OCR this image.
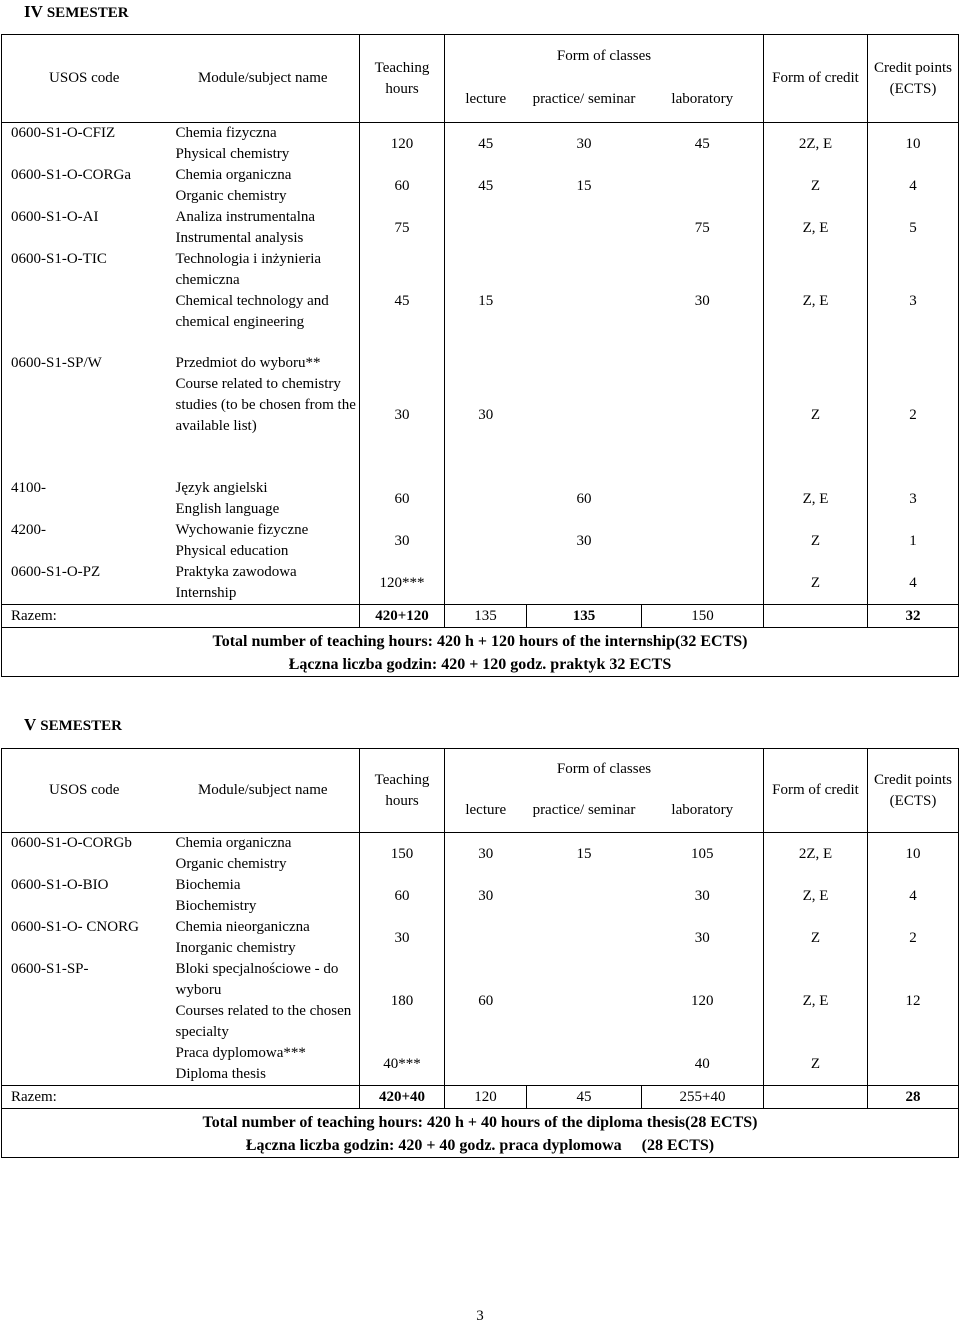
IV SEMESTER
USOS code	Module/subject name	Teaching hours	Form of classes			Form of credit	Credit points (ECTS)
			lecture	practice/ seminar	laboratory		
0600-S1-O-CFIZ	Chemia fizyczna
Physical chemistry	120	45	30	45	2Z, E	10
0600-S1-O-CORGa	Chemia organiczna
Organic chemistry	60	45	15		Z	4
0600-S1-O-AI	Analiza instrumentalna
Instrumental analysis	75			75	Z, E	5
0600-S1-O-TIC	Technologia i inżynieria chemiczna
Chemical technology and chemical engineering	45	15		30	Z, E	3
0600-S1-SP/W	Przedmiot do wyboru**
Course related to chemistry studies (to be chosen from the available list)	30	30			Z	2
4100-	Język angielski
English language	60		60		Z, E	3
4200-	Wychowanie fizyczne
Physical education	30		30		Z	1
0600-S1-O-PZ	Praktyka zawodowa
Internship	120***				Z	4
Razem:		420+120	135	135	150		32
Total number of teaching hours: 420 h + 120 hours of the internship(32 ECTS)							
Łączna liczba godzin: 420 + 120 godz. praktyk 32 ECTS							
V SEMESTER
USOS code	Module/subject name	Teaching hours	Form of classes			Form of credit	Credit points (ECTS)
			lecture	practice/ seminar	laboratory		
0600-S1-O-CORGb	Chemia organiczna
Organic chemistry	150	30	15	105	2Z, E	10
0600-S1-O-BIO	Biochemia
Biochemistry	60	30		30	Z, E	4
0600-S1-O- CNORG	Chemia nieorganiczna
Inorganic chemistry	30			30	Z	2
0600-S1-SP-	Bloki specjalnościowe - do wyboru
Courses related to the chosen specialty	180	60		120	Z, E	12

	Praca dyplomowa***
Diploma thesis	40***			40	Z	
Razem:		420+40	120	45	255+40		28
Total number of teaching hours: 420 h + 40 hours of the diploma thesis(28 ECTS)							
Łączna liczba godzin: 420 + 40 godz. praca dyplomowa     (28 ECTS)							
3
